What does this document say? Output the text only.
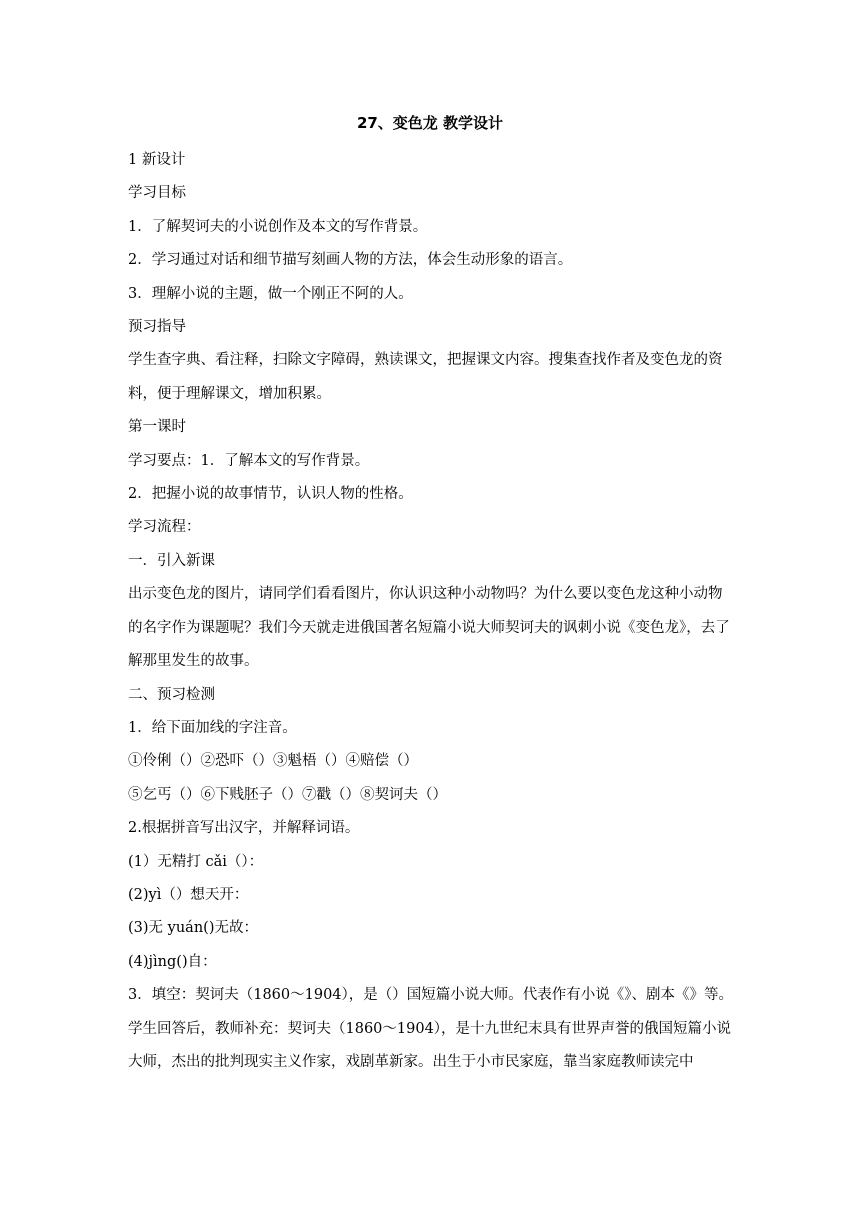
27、变色龙 教学设计

1 新设计

学习目标

1．了解契诃夫的小说创作及本文的写作背景。

2．学习通过对话和细节描写刻画人物的方法，体会生动形象的语言。

3．理解小说的主题，做一个刚正不阿的人。

预习指导

学生查字典、看注释，扫除文字障碍，熟读课文，把握课文内容。搜集查找作者及变色龙的资料，便于理解课文，增加积累。

第一课时

学习要点：1．了解本文的写作背景。

2．把握小说的故事情节，认识人物的性格。

学习流程：

一．引入新课

出示变色龙的图片，请同学们看看图片，你认识这种小动物吗？为什么要以变色龙这种小动物的名字作为课题呢？我们今天就走进俄国著名短篇小说大师契诃夫的讽刺小说《变色龙》，去了解那里发生的故事。

二、预习检测

1．给下面加线的字注音。

①伶俐（）②恐吓（）③魁梧（）④赔偿（）

⑤乞丐（）⑥下贱胚子（）⑦戳（）⑧契诃夫（）

2.根据拼音写出汉字，并解释词语。

(1）无精打 cǎi（）：

(2)yì（）想天开：

(3)无 yuán()无故：

(4)jìng()自：

3．填空：契诃夫（1860～1904），是（）国短篇小说大师。代表作有小说《》、剧本《》等。

学生回答后，教师补充：契诃夫（1860～1904），是十九世纪末具有世界声誉的俄国短篇小说大师，杰出的批判现实主义作家，戏剧革新家。出生于小市民家庭，靠当家庭教师读完中
